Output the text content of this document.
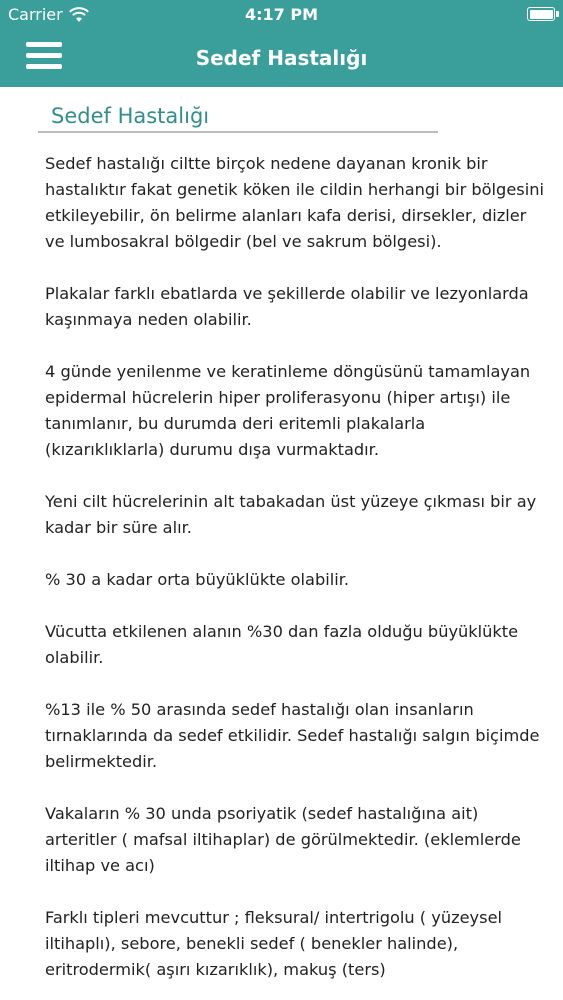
Carrier	4:17 PM
Sedef Hastalığı
Sedef Hastalığı

Sedef hastalığı ciltte birçok nedene dayanan kronik bir hastalıktır fakat genetik köken ile cildin herhangi bir bölgesini etkileyebilir, ön belirme alanları kafa derisi, dirsekler, dizler ve lumbosakral bölgedir (bel ve sakrum bölgesi).

Plakalar farklı ebatlarda ve şekillerde olabilir ve lezyonlarda kaşınmaya neden olabilir.

4 günde yenilenme ve keratinleme döngüsünü tamamlayan epidermal hücrelerin hiper proliferasyonu (hiper artışı) ile tanımlanır, bu durumda deri eritemli plakalarla (kızarıklıklarla) durumu dışa vurmaktadır.

Yeni cilt hücrelerinin alt tabakadan üst yüzeye çıkması bir ay kadar bir süre alır.

% 30 a kadar orta büyüklükte olabilir.

Vücutta etkilenen alanın %30 dan fazla olduğu büyüklükte olabilir.

%13 ile % 50 arasında sedef hastalığı olan insanların tırnaklarında da sedef etkilidir. Sedef hastalığı salgın biçimde belirmektedir.

Vakaların % 30 unda psoriyatik (sedef hastalığına ait) arteritler ( mafsal iltihaplar) de görülmektedir. (eklemlerde iltihap ve acı)

Farklı tipleri mevcuttur ; fleksural/ intertrigolu ( yüzeysel iltihaplı), sebore, benekli sedef ( benekler halinde), eritrodermik( aşırı kızarıklık), makuş (ters)
